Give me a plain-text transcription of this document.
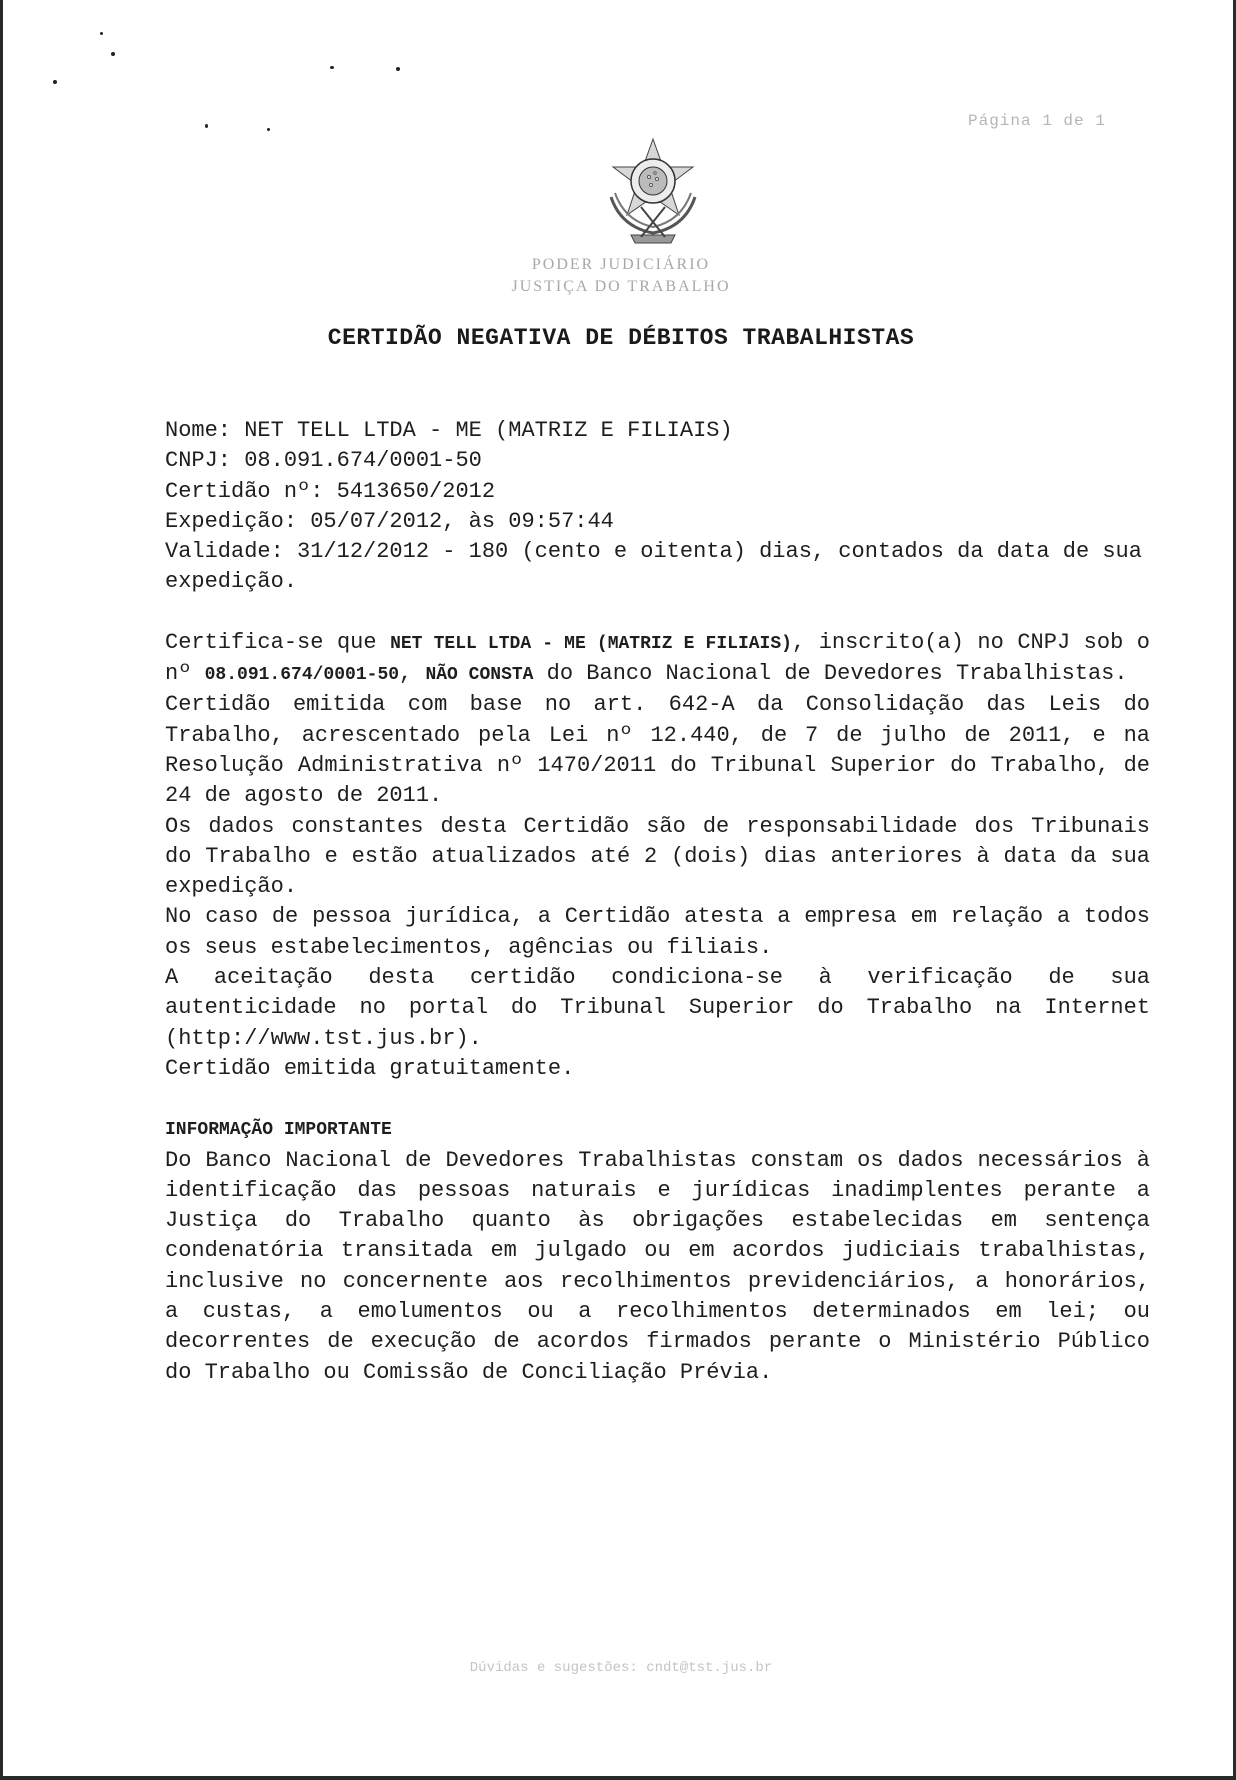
Página 1 de 1
PODER JUDICIÁRIO
JUSTIÇA DO TRABALHO
CERTIDÃO NEGATIVA DE DÉBITOS TRABALHISTAS

Nome: NET TELL LTDA - ME (MATRIZ E FILIAIS)

CNPJ: 08.091.674/0001-50

Certidão nº: 5413650/2012

Expedição: 05/07/2012, às 09:57:44

Validade: 31/12/2012 - 180 (cento e oitenta) dias, contados da data de sua expedição.

Certifica-se que NET TELL LTDA - ME (MATRIZ E FILIAIS), inscrito(a) no CNPJ sob o nº 08.091.674/0001-50, NÃO CONSTA do Banco Nacional de Devedores Trabalhistas.

Certidão emitida com base no art. 642-A da Consolidação das Leis do Trabalho, acrescentado pela Lei nº 12.440, de 7 de julho de 2011, e na Resolução Administrativa nº 1470/2011 do Tribunal Superior do Trabalho, de 24 de agosto de 2011.

Os dados constantes desta Certidão são de responsabilidade dos Tribunais do Trabalho e estão atualizados até 2 (dois) dias anteriores à data da sua expedição.

No caso de pessoa jurídica, a Certidão atesta a empresa em relação a todos os seus estabelecimentos, agências ou filiais.

A aceitação desta certidão condiciona-se à verificação de sua autenticidade no portal do Tribunal Superior do Trabalho na Internet (http://www.tst.jus.br).

Certidão emitida gratuitamente.

INFORMAÇÃO IMPORTANTE

Do Banco Nacional de Devedores Trabalhistas constam os dados necessários à identificação das pessoas naturais e jurídicas inadimplentes perante a Justiça do Trabalho quanto às obrigações estabelecidas em sentença condenatória transitada em julgado ou em acordos judiciais trabalhistas, inclusive no concernente aos recolhimentos previdenciários, a honorários, a custas, a emolumentos ou a recolhimentos determinados em lei; ou decorrentes de execução de acordos firmados perante o Ministério Público do Trabalho ou Comissão de Conciliação Prévia.

Dúvidas e sugestões: cndt@tst.jus.br
